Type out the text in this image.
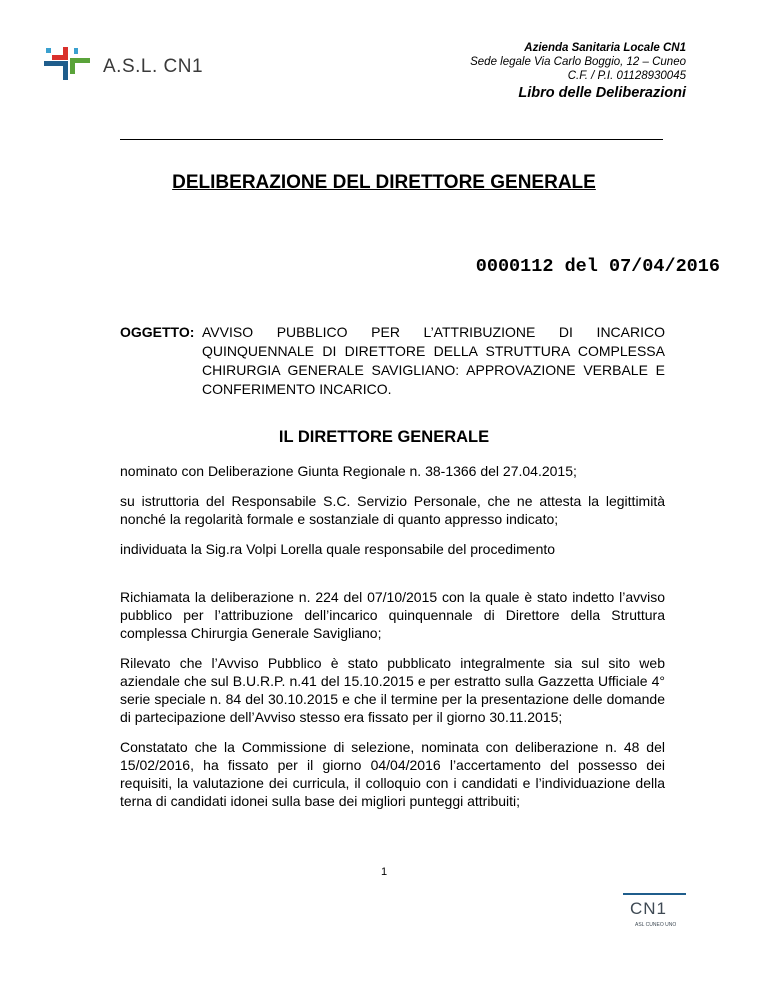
A.S.L. CN1
Azienda Sanitaria Locale CN1
Sede legale Via Carlo Boggio, 12 – Cuneo
C.F. / P.I. 01128930045
Libro delle Deliberazioni
DELIBERAZIONE DEL DIRETTORE GENERALE
0000112 del 07/04/2016
OGGETTO: AVVISO PUBBLICO PER L’ATTRIBUZIONE DI INCARICO QUINQUENNALE DI DIRETTORE DELLA STRUTTURA COMPLESSA CHIRURGIA GENERALE SAVIGLIANO: APPROVAZIONE VERBALE E CONFERIMENTO INCARICO.
IL DIRETTORE GENERALE

nominato con Deliberazione Giunta Regionale n. 38-1366 del 27.04.2015;

su istruttoria del Responsabile S.C. Servizio Personale, che ne attesta la legittimità nonché la regolarità formale e sostanziale di quanto appresso indicato;

individuata la Sig.ra Volpi Lorella quale responsabile del procedimento

Richiamata la deliberazione n. 224 del 07/10/2015 con la quale è stato indetto l’avviso pubblico per l’attribuzione dell’incarico quinquennale di Direttore della Struttura complessa Chirurgia Generale Savigliano;

Rilevato che l’Avviso Pubblico è stato pubblicato integralmente sia sul sito web aziendale che sul B.U.R.P. n.41 del 15.10.2015 e per estratto sulla Gazzetta Ufficiale 4° serie speciale n. 84 del 30.10.2015 e che il termine per la presentazione delle domande di partecipazione dell’Avviso stesso era fissato per il giorno 30.11.2015;

Constatato che la Commissione di selezione, nominata con deliberazione n. 48 del 15/02/2016, ha fissato per il giorno 04/04/2016 l’accertamento del possesso dei requisiti, la valutazione dei curricula, il colloquio con i candidati e l’individuazione della terna di candidati idonei sulla base dei migliori punteggi attribuiti;

1
CN1
ASL CUNEO UNO
